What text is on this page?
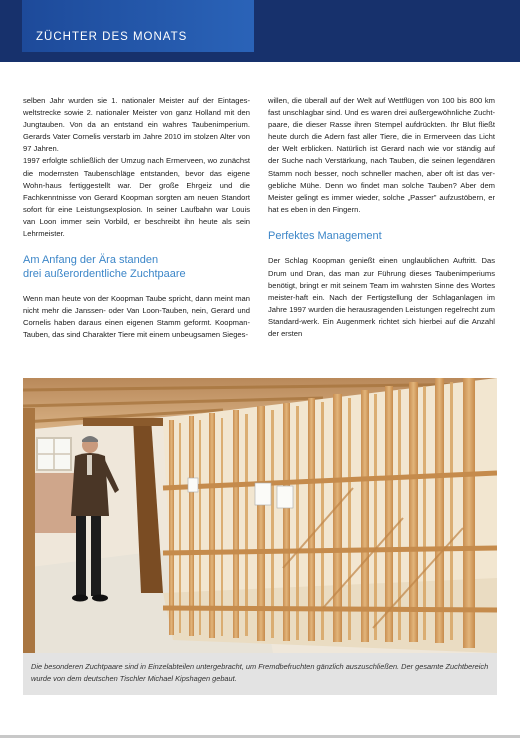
ZÜCHTER DES MONATS

selben Jahr wurden sie 1. nationaler Meister auf der Eintages-weltstrecke sowie 2. nationaler Meister von ganz Holland mit den Jungtauben. Von da an entstand ein wahres Taubenimperium. Gerards Vater Cornelis verstarb im Jahre 2010 im stolzen Alter von 97 Jahren.

1997 erfolgte schließlich der Umzug nach Ermerveen, wo zunächst die modernsten Taubenschläge entstanden, bevor das eigene Wohn-haus fertiggestellt war. Der große Ehrgeiz und die Fachkenntnisse von Gerard Koopman sorgten am neuen Standort sofort für eine Leistungsexplosion. In seiner Laufbahn war Louis van Loon immer sein Vorbild, er beschreibt ihn heute als sein Lehrmeister.

Am Anfang der Ära standen
drei außerordentliche Zuchtpaare

Wenn man heute von der Koopman Taube spricht, dann meint man nicht mehr die Janssen- oder Van Loon-Tauben, nein, Gerard und Cornelis haben daraus einen eigenen Stamm geformt. Koopman-Tauben, das sind Charakter Tiere mit einem unbeugsamen Sieges-

willen, die überall auf der Welt auf Wettflügen von 100 bis 800 km fast unschlagbar sind. Und es waren drei außergewöhnliche Zucht-paare, die dieser Rasse ihren Stempel aufdrückten. Ihr Blut fließt heute durch die Adern fast aller Tiere, die in Ermerveen das Licht der Welt erblicken. Natürlich ist Gerard nach wie vor ständig auf der Suche nach Verstärkung, nach Tauben, die seinen legendären Stamm noch besser, noch schneller machen, aber oft ist das ver-gebliche Mühe. Denn wo findet man solche Tauben? Aber dem Meister gelingt es immer wieder, solche „Passer" aufzustöbern, er hat es eben in den Fingern.

Perfektes Management

Der Schlag Koopman genießt einen unglaublichen Auftritt. Das Drum und Dran, das man zur Führung dieses Taubenimperiums benötigt, bringt er mit seinem Team im wahrsten Sinne des Wortes meister-haft ein. Nach der Fertigstellung der Schlaganlagen im Jahre 1997 wurden die herausragenden Leistungen regelrecht zum Standard-werk. Ein Augenmerk richtet sich hierbei auf die Anzahl der ersten

Die besonderen Zuchtpaare sind in Einzelabteilen untergebracht, um Fremdbefruchten gänzlich auszuschließen. Der gesamte Zuchtbereich wurde von dem deutschen Tischler Michael Kipshagen gebaut.
